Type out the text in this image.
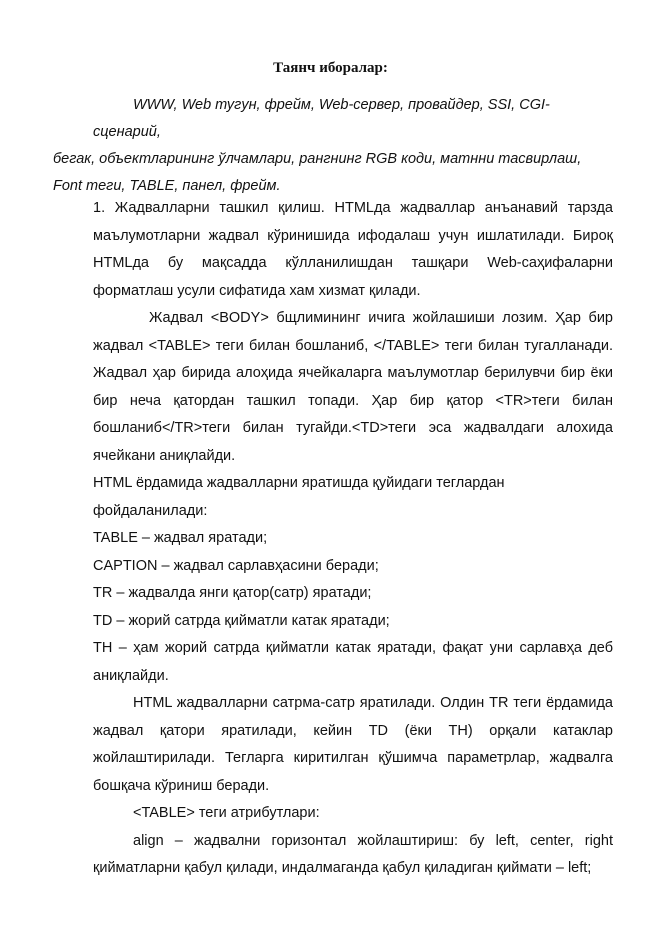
Таянч иборалар:
WWW, Web тугун, фрейм, Web-сервер, провайдер, SSI, CGI-сценарий,
бегак, объектларининг ўлчамлари, рангнинг RGB коди, матнни тасвирлаш,
Font теги, TABLE, панел, фрейм.

1. Жадвалларни ташкил қилиш. HTMLда жадваллар анъанавий тарзда маълумотларни жадвал кўринишида ифодалаш учун ишлатилади. Бироқ HTMLда бу мақсадда кўлланилишдан ташқари Web-саҳифаларни форматлаш усули сифатида хам хизмат қилади.

Жадвал <BODY> бщлимининг ичига жойлашиши лозим. Ҳар бир жадвал <TABLE> теги билан бошланиб, </TABLE> теги билан тугалланади. Жадвал ҳар бирида алоҳида ячейкаларга маълумотлар берилувчи бир ёки бир неча қатордан ташкил топади. Ҳар бир қатор <TR>теги билан бошланиб</TR>теги билан тугайди.<TD>теги эса жадвалдаги алохида ячейкани аниқлайди.

HTML ёрдамида жадвалларни яратишда қуйидаги теглардан фойдаланилади:

TABLE – жадвал яратади;

CAPTION – жадвал сарлавҳасини беради;

TR – жадвалда янги қатор(сатр) яратади;

TD – жорий сатрда қийматли катак яратади;

TH – ҳам жорий сатрда қийматли катак яратади, фақат уни сарлавҳа деб аниқлайди.

HTML жадвалларни сатрма-сатр яратилади. Олдин TR теги ёрдамида жадвал қатори яратилади, кейин TD (ёки TH) орқали катаклар жойлаштирилади. Тегларга киритилган қўшимча параметрлар, жадвалга бошқача кўриниш беради.

<TABLE> теги атрибутлари:

align – жадвални горизонтал жойлаштириш: бу left, center, right қийматларни қабул қилади, индалмаганда қабул қиладиган қиймати – left;
